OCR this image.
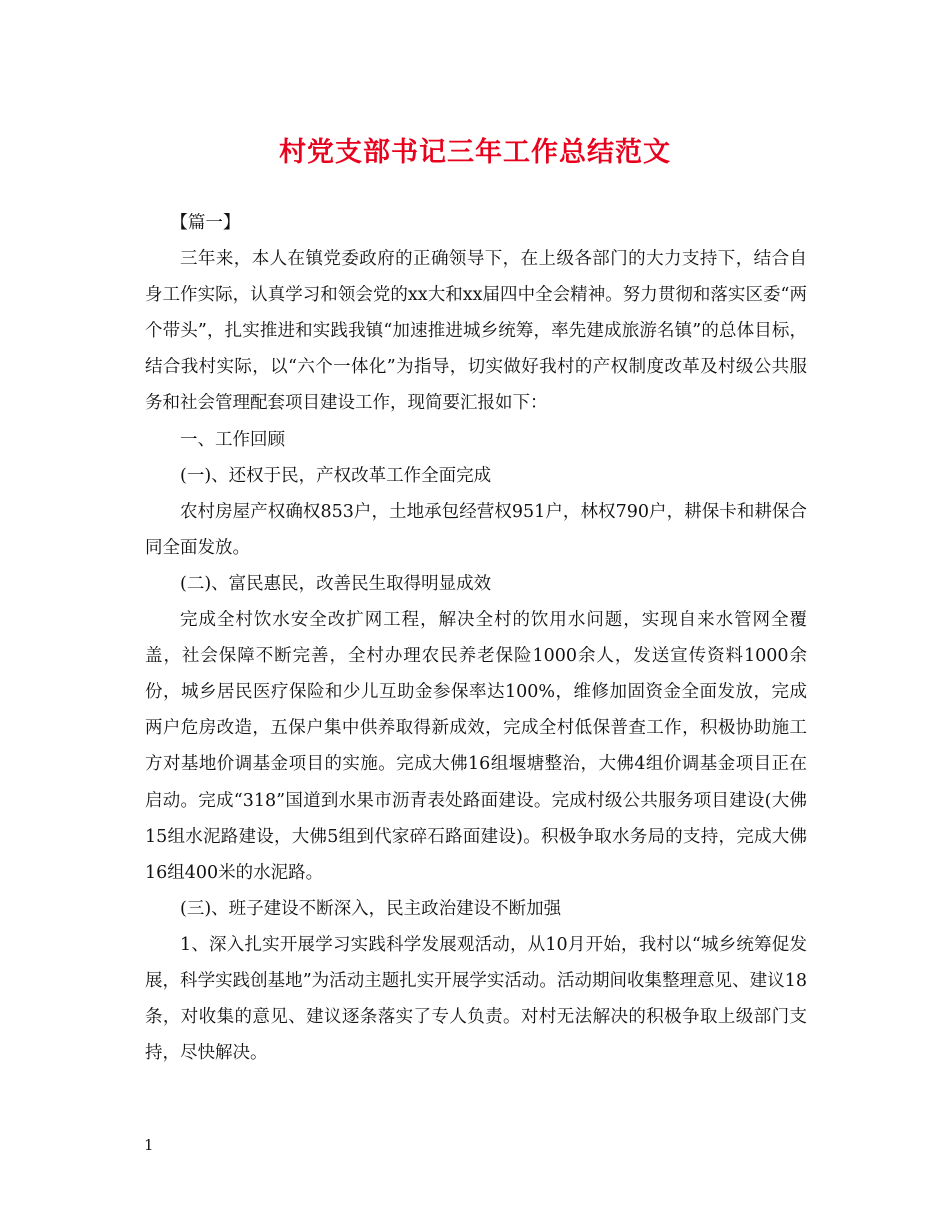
村党支部书记三年工作总结范文

【篇一】

三年来，本人在镇党委政府的正确领导下，在上级各部门的大力支持下，结合自身工作实际，认真学习和领会党的xx大和xx届四中全会精神。努力贯彻和落实区委“两个带头”，扎实推进和实践我镇“加速推进城乡统筹，率先建成旅游名镇”的总体目标，结合我村实际，以“六个一体化”为指导，切实做好我村的产权制度改革及村级公共服务和社会管理配套项目建设工作，现简要汇报如下：

一、工作回顾

(一)、还权于民，产权改革工作全面完成

农村房屋产权确权853户，土地承包经营权951户，林权790户，耕保卡和耕保合同全面发放。

(二)、富民惠民，改善民生取得明显成效

完成全村饮水安全改扩网工程，解决全村的饮用水问题，实现自来水管网全覆盖，社会保障不断完善，全村办理农民养老保险1000余人，发送宣传资料1000余份，城乡居民医疗保险和少儿互助金参保率达100%，维修加固资金全面发放，完成两户危房改造，五保户集中供养取得新成效，完成全村低保普查工作，积极协助施工方对基地价调基金项目的实施。完成大佛16组堰塘整治，大佛4组价调基金项目正在启动。完成“318”国道到水果市沥青表处路面建设。完成村级公共服务项目建设(大佛15组水泥路建设，大佛5组到代家碎石路面建设)。积极争取水务局的支持，完成大佛16组400米的水泥路。

(三)、班子建设不断深入，民主政治建设不断加强

1、深入扎实开展学习实践科学发展观活动，从10月开始，我村以“城乡统筹促发展，科学实践创基地”为活动主题扎实开展学实活动。活动期间收集整理意见、建议18条，对收集的意见、建议逐条落实了专人负责。对村无法解决的积极争取上级部门支持，尽快解决。

1
